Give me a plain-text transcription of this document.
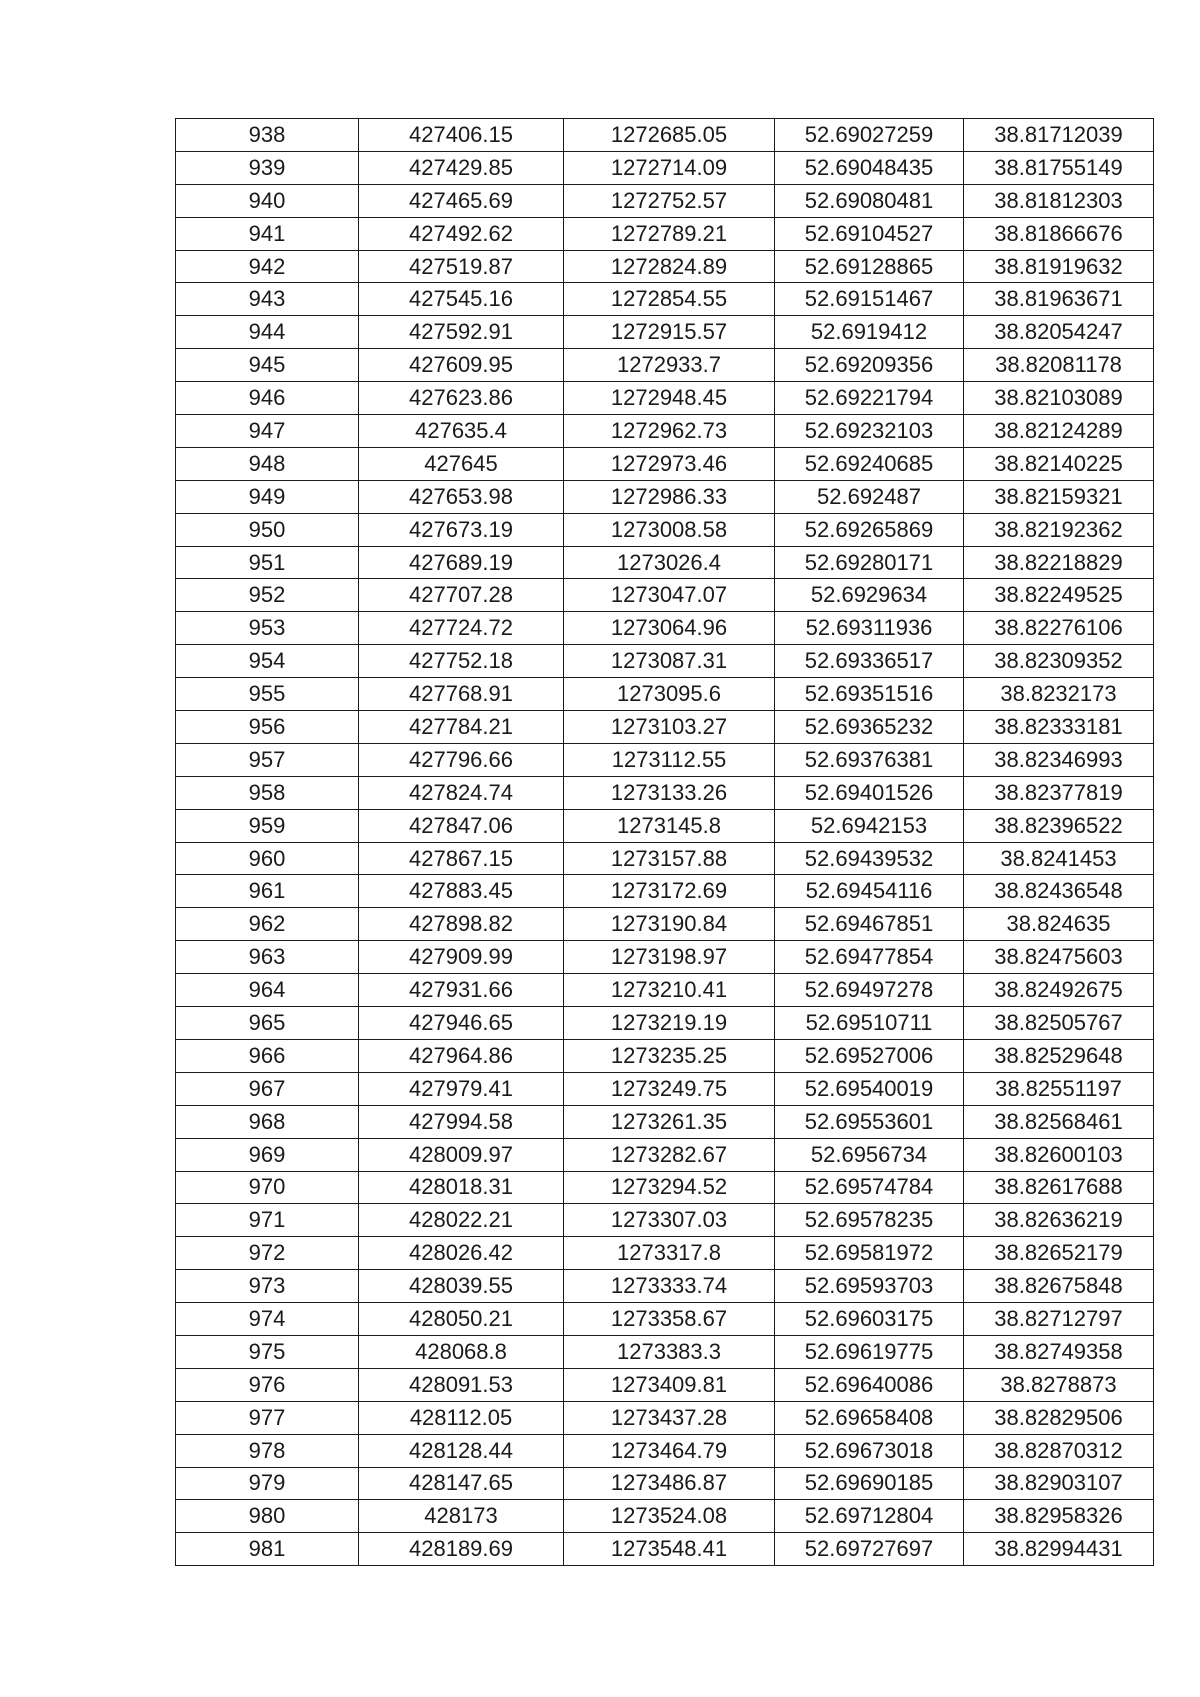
938	427406.15	1272685.05	52.69027259	38.81712039
939	427429.85	1272714.09	52.69048435	38.81755149
940	427465.69	1272752.57	52.69080481	38.81812303
941	427492.62	1272789.21	52.69104527	38.81866676
942	427519.87	1272824.89	52.69128865	38.81919632
943	427545.16	1272854.55	52.69151467	38.81963671
944	427592.91	1272915.57	52.6919412	38.82054247
945	427609.95	1272933.7	52.69209356	38.82081178
946	427623.86	1272948.45	52.69221794	38.82103089
947	427635.4	1272962.73	52.69232103	38.82124289
948	427645	1272973.46	52.69240685	38.82140225
949	427653.98	1272986.33	52.692487	38.82159321
950	427673.19	1273008.58	52.69265869	38.82192362
951	427689.19	1273026.4	52.69280171	38.82218829
952	427707.28	1273047.07	52.6929634	38.82249525
953	427724.72	1273064.96	52.69311936	38.82276106
954	427752.18	1273087.31	52.69336517	38.82309352
955	427768.91	1273095.6	52.69351516	38.8232173
956	427784.21	1273103.27	52.69365232	38.82333181
957	427796.66	1273112.55	52.69376381	38.82346993
958	427824.74	1273133.26	52.69401526	38.82377819
959	427847.06	1273145.8	52.6942153	38.82396522
960	427867.15	1273157.88	52.69439532	38.8241453
961	427883.45	1273172.69	52.69454116	38.82436548
962	427898.82	1273190.84	52.69467851	38.824635
963	427909.99	1273198.97	52.69477854	38.82475603
964	427931.66	1273210.41	52.69497278	38.82492675
965	427946.65	1273219.19	52.69510711	38.82505767
966	427964.86	1273235.25	52.69527006	38.82529648
967	427979.41	1273249.75	52.69540019	38.82551197
968	427994.58	1273261.35	52.69553601	38.82568461
969	428009.97	1273282.67	52.6956734	38.82600103
970	428018.31	1273294.52	52.69574784	38.82617688
971	428022.21	1273307.03	52.69578235	38.82636219
972	428026.42	1273317.8	52.69581972	38.82652179
973	428039.55	1273333.74	52.69593703	38.82675848
974	428050.21	1273358.67	52.69603175	38.82712797
975	428068.8	1273383.3	52.69619775	38.82749358
976	428091.53	1273409.81	52.69640086	38.8278873
977	428112.05	1273437.28	52.69658408	38.82829506
978	428128.44	1273464.79	52.69673018	38.82870312
979	428147.65	1273486.87	52.69690185	38.82903107
980	428173	1273524.08	52.69712804	38.82958326
981	428189.69	1273548.41	52.69727697	38.82994431
